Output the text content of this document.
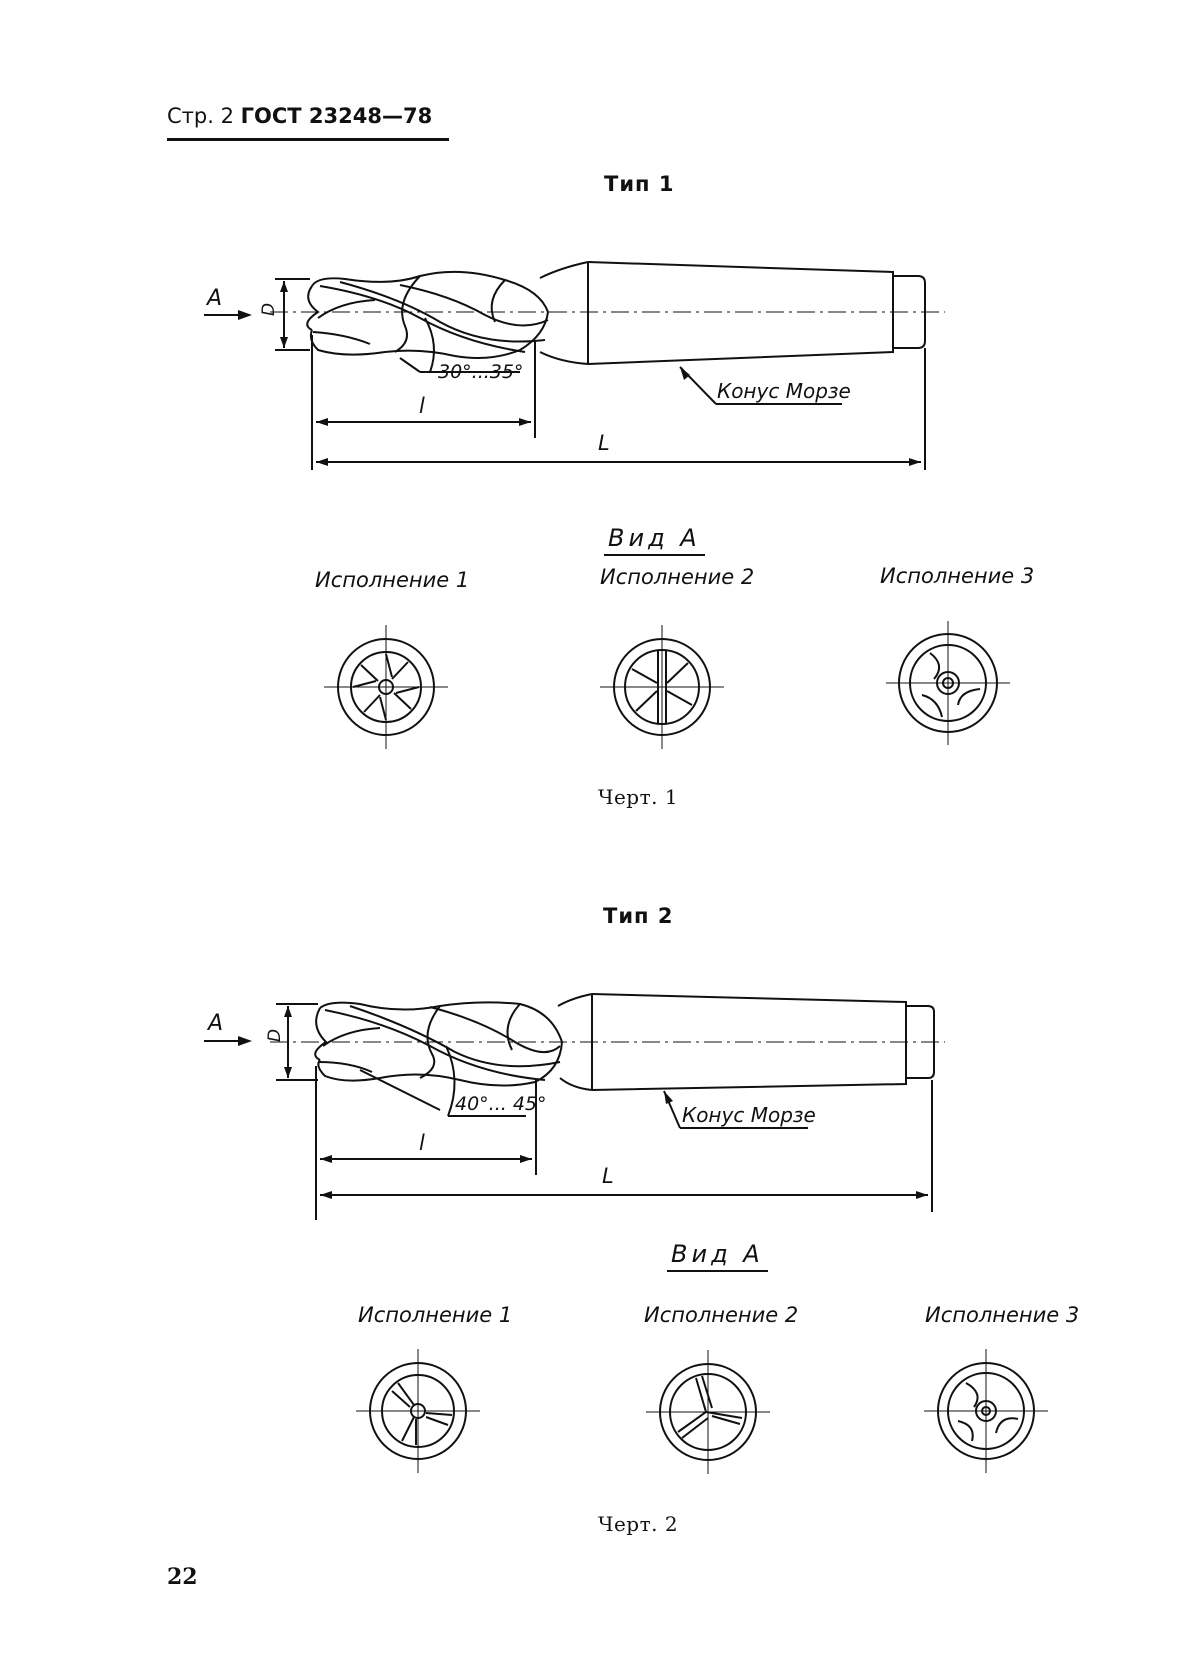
Стр. 2 ГОСТ 23248—78
Тип 1
A D
l
L
30°...35°
Конус Морзе
Вид А
Исполнение 1	Исполнение 2	Исполнение 3
Черт. 1
Тип 2
A D
l
L
40°... 45°	Конус Морзе
Вид А
Исполнение 1	Исполнение 2	Исполнение 3
Черт. 2
22
